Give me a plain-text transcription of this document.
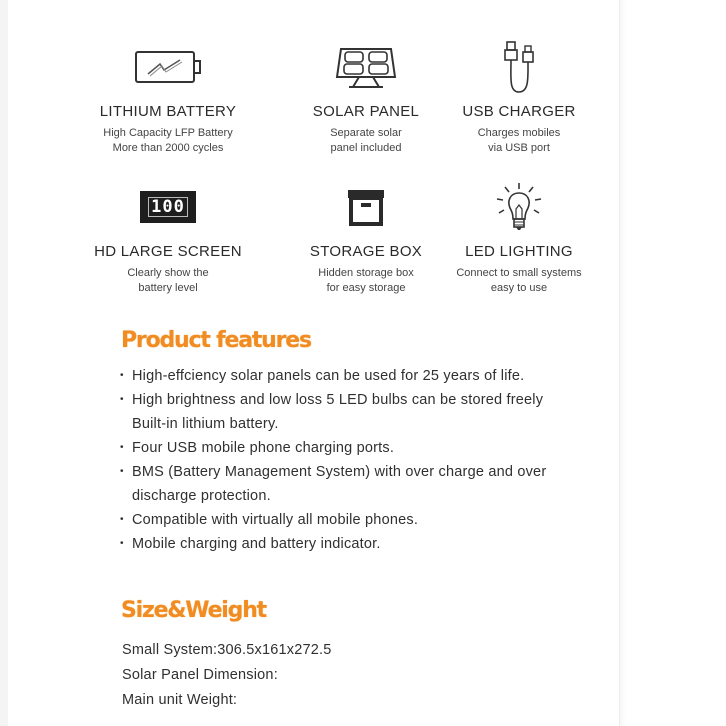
LITHIUM BATTERY
High Capacity LFP Battery
More than 2000 cycles
SOLAR PANEL
Separate solar
panel included
USB CHARGER
Charges mobiles
via USB port
100
HD LARGE SCREEN
Clearly show the
battery level
STORAGE BOX
Hidden storage box
for easy storage
LED LIGHTING
Connect to small systems
easy to use
Product features
• High-effciency solar panels can be used for 25 years of life.
• High brightness and low loss 5 LED bulbs can be stored freely
Built-in lithium battery.
• Four USB mobile phone charging ports.
• BMS (Battery Management System) with over charge and over
discharge protection.
• Compatible with virtually all mobile phones.
• Mobile charging and battery indicator.
Size&Weight
Small System:306.5x161x272.5
Solar Panel Dimension:
Main unit Weight:
